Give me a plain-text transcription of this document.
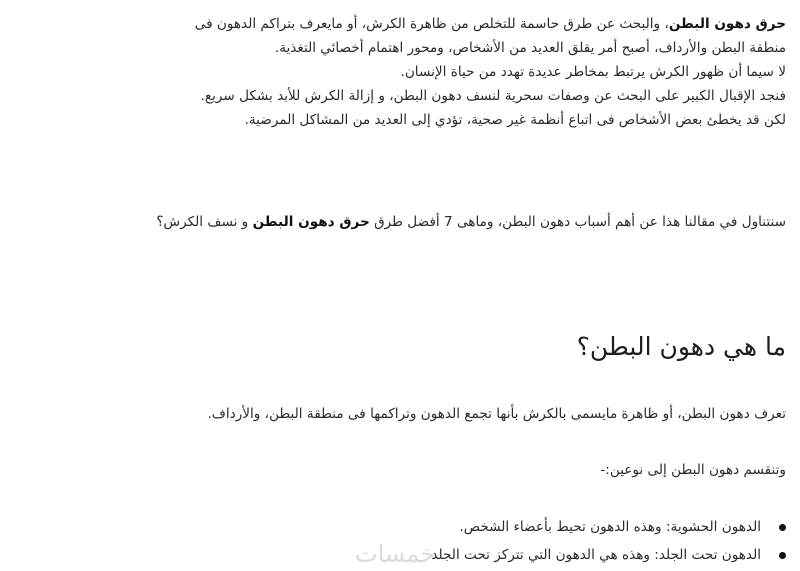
حرق دهون البطن، والبحث عن طرق حاسمة للتخلص من ظاهرة الكرش، أو مايعرف بتراكم الدهون فى
منطقة البطن والأرداف، أصبح أمر يقلق العديد من الأشخاص، ومحور اهتمام أخصائي التغذية.
لا سيما أن ظهور الكرش يرتبط بمخاطر عديدة تهدد من حياة الإنسان.
فنجد الإقبال الكبير على البحث عن وصفات سحرية لنسف دهون البطن، و إزالة الكرش للأبد بشكل سريع.
لكن قد يخطئ بعض الأشخاص فى اتباع أنظمة غير صحية، تؤدي إلى العديد من المشاكل المرضية.
سنتناول في مقالنا هذا عن أهم أسباب دهون البطن، وماهى 7 أفضل طرق حرق دهون البطن و نسف الكرش؟
ما هي دهون البطن؟
تعرف دهون البطن، أو ظاهرة مايسمى بالكرش بأنها تجمع الدهون وتراكمها فى منطقة البطن، والأرداف.
وتنقسم دهون البطن إلى نوعين:-
الدهون الحشوية: وهذه الدهون تحيط بأعضاء الشخص.
الدهون تحت الجلد: وهذه هي الدهون التي تتركز تحت الجلد
خمسات
